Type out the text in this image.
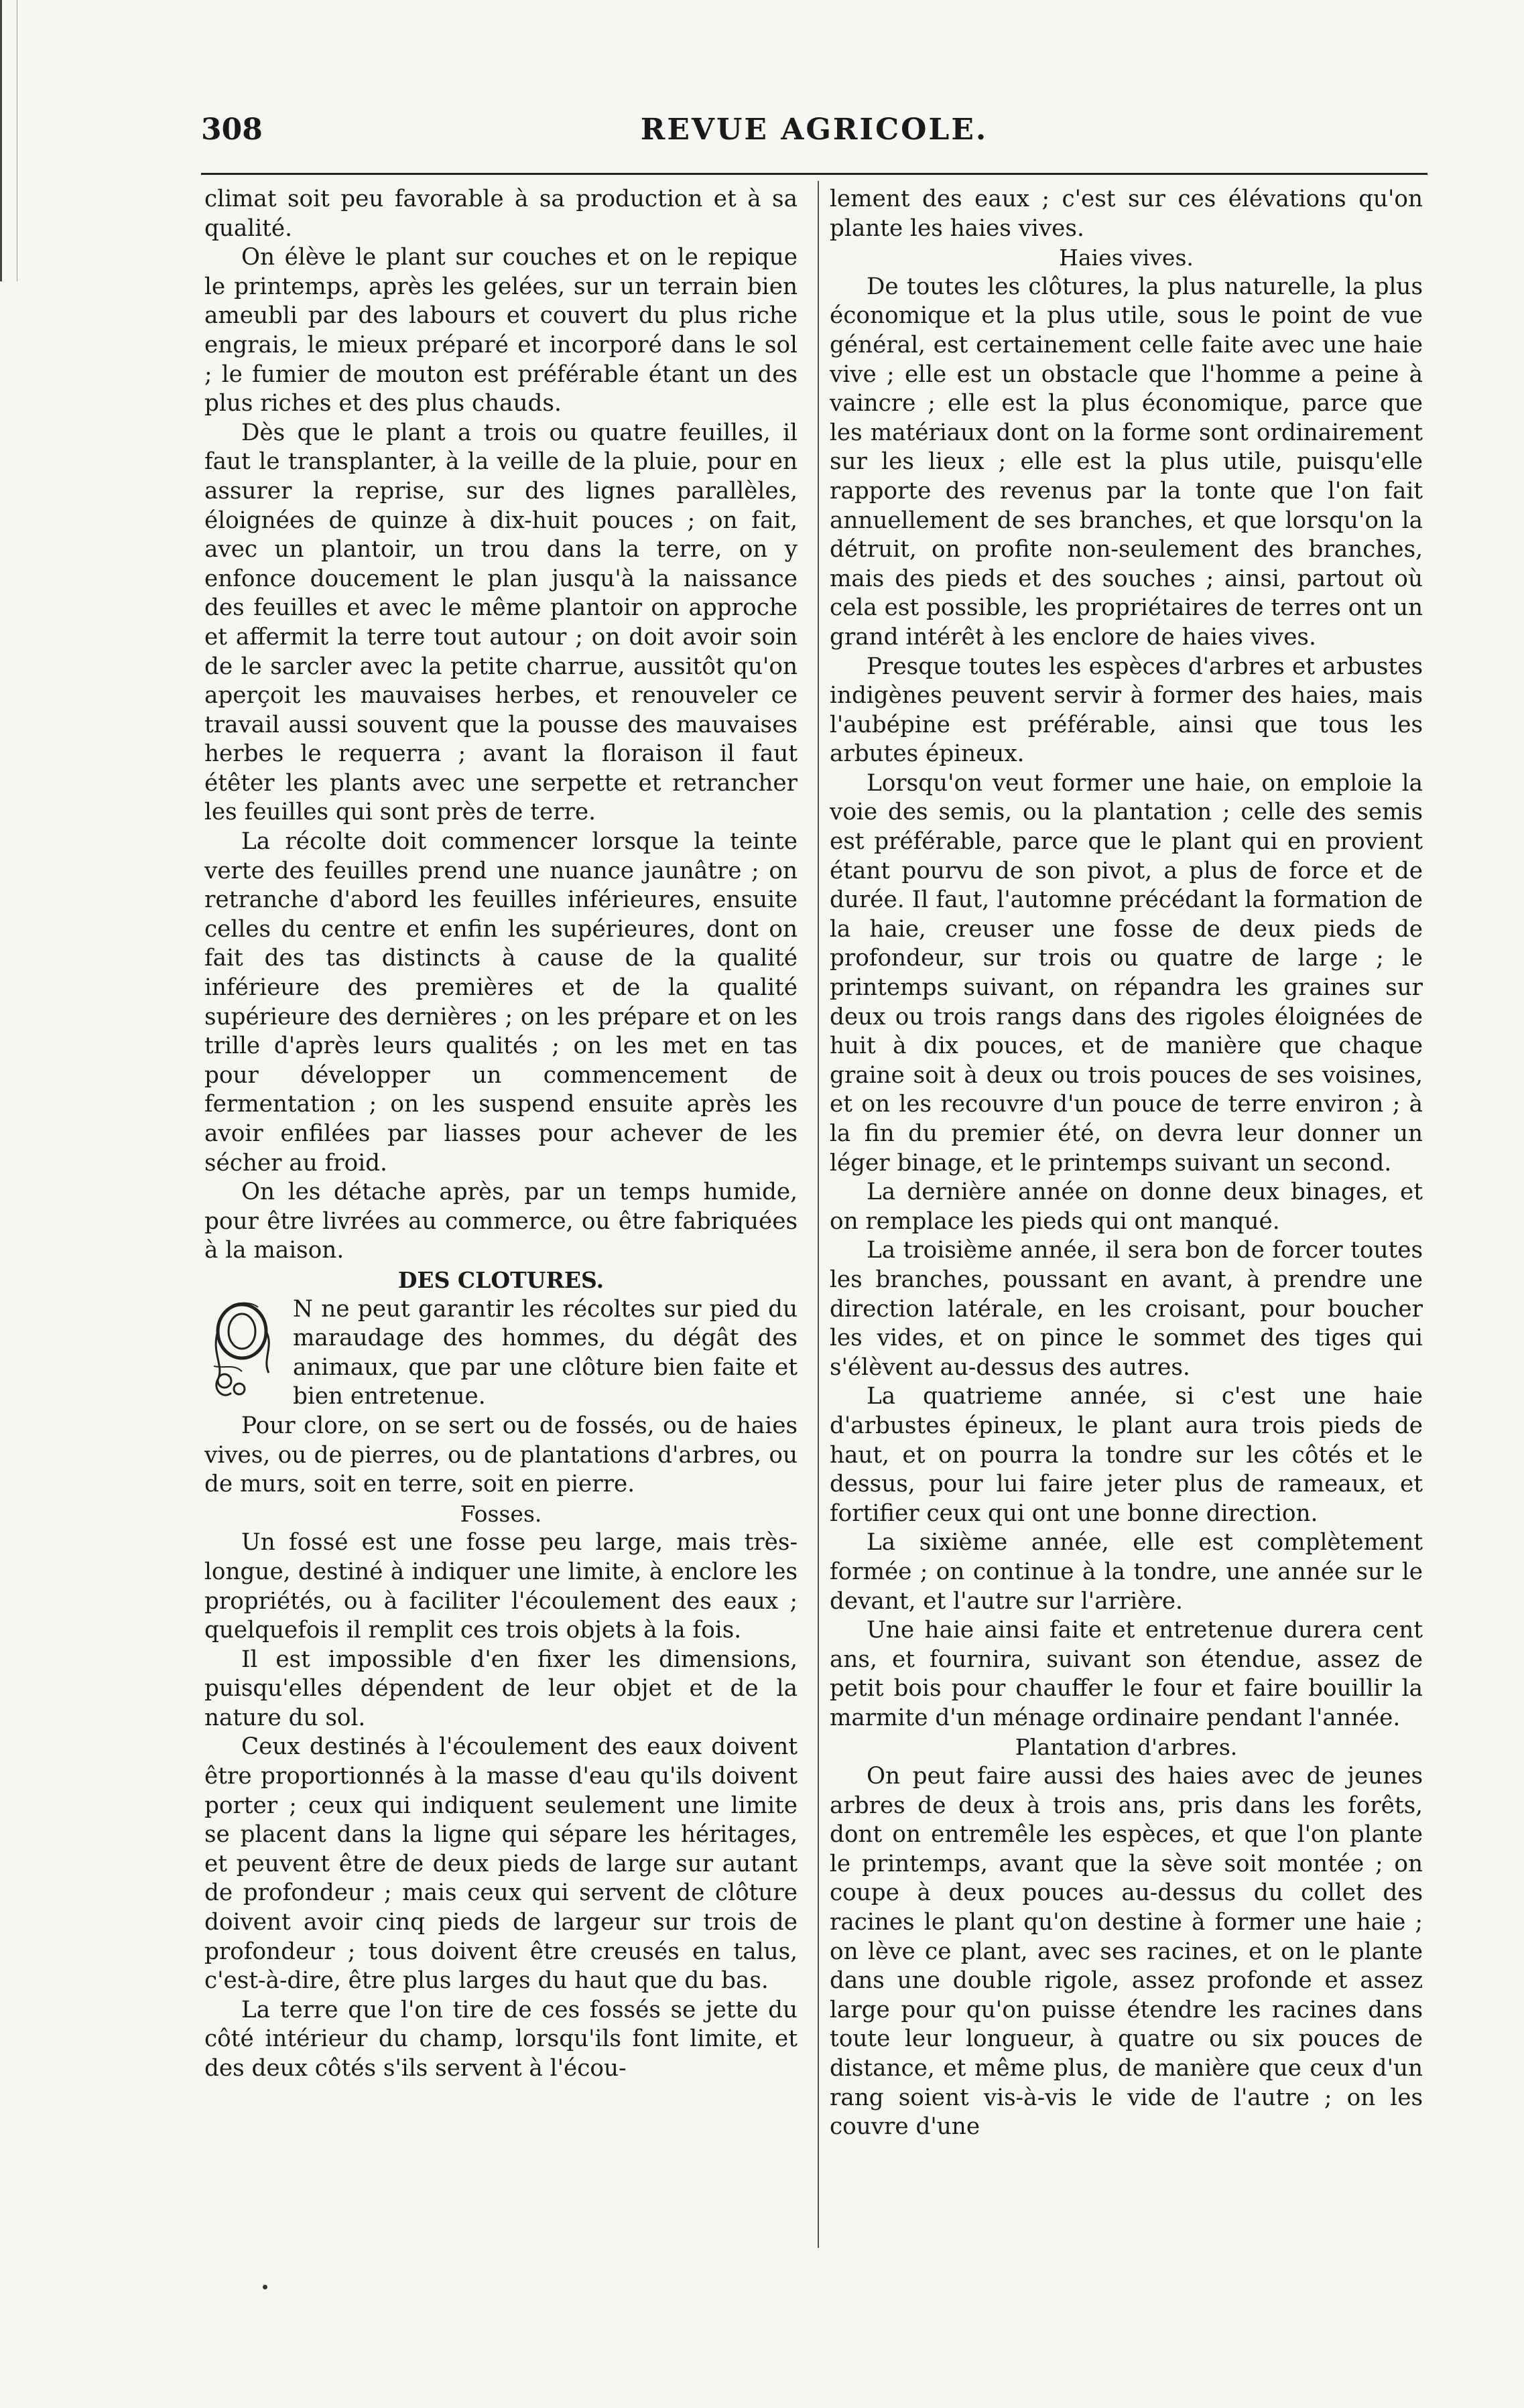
308	REVUE AGRICOLE.

climat soit peu favorable à sa production et à sa qualité.

On élève le plant sur couches et on le repique le printemps, après les gelées, sur un terrain bien ameubli par des labours et couvert du plus riche engrais, le mieux préparé et incorporé dans le sol ; le fumier de mouton est préférable étant un des plus riches et des plus chauds.

Dès que le plant a trois ou quatre feuilles, il faut le transplanter, à la veille de la pluie, pour en assurer la reprise, sur des lignes parallèles, éloignées de quinze à dix-huit pouces ; on fait, avec un plantoir, un trou dans la terre, on y enfonce doucement le plan jusqu'à la naissance des feuilles et avec le même plantoir on approche et affermit la terre tout autour ; on doit avoir soin de le sarcler avec la petite charrue, aussitôt qu'on aperçoit les mauvaises herbes, et renouveler ce travail aussi souvent que la pousse des mauvaises herbes le requerra ; avant la floraison il faut étêter les plants avec une serpette et retrancher les feuilles qui sont près de terre.

La récolte doit commencer lorsque la teinte verte des feuilles prend une nuance jaunâtre ; on retranche d'abord les feuilles inférieures, ensuite celles du centre et enfin les supérieures, dont on fait des tas distincts à cause de la qualité inférieure des premières et de la qualité supérieure des dernières ; on les prépare et on les trille d'après leurs qualités ; on les met en tas pour développer un commencement de fermentation ; on les suspend ensuite après les avoir enfilées par liasses pour achever de les sécher au froid.

On les détache après, par un temps humide, pour être livrées au commerce, ou être fabriquées à la maison.

DES CLOTURES.

N ne peut garantir les récoltes sur pied du maraudage des hommes, du dégât des animaux, que par une clôture bien faite et bien entretenue.

Pour clore, on se sert ou de fossés, ou de haies vives, ou de pierres, ou de plantations d'arbres, ou de murs, soit en terre, soit en pierre.

Fosses.

Un fossé est une fosse peu large, mais très-longue, destiné à indiquer une limite, à enclore les propriétés, ou à faciliter l'écoulement des eaux ; quelquefois il remplit ces trois objets à la fois.

Il est impossible d'en fixer les dimensions, puisqu'elles dépendent de leur objet et de la nature du sol.

Ceux destinés à l'écoulement des eaux doivent être proportionnés à la masse d'eau qu'ils doivent porter ; ceux qui indiquent seulement une limite se placent dans la ligne qui sépare les héritages, et peuvent être de deux pieds de large sur autant de profondeur ; mais ceux qui servent de clôture doivent avoir cinq pieds de largeur sur trois de profondeur ; tous doivent être creusés en talus, c'est-à-dire, être plus larges du haut que du bas.

La terre que l'on tire de ces fossés se jette du côté intérieur du champ, lorsqu'ils font limite, et des deux côtés s'ils servent à l'écou-

lement des eaux ; c'est sur ces élévations qu'on plante les haies vives.

Haies vives.

De toutes les clôtures, la plus naturelle, la plus économique et la plus utile, sous le point de vue général, est certainement celle faite avec une haie vive ; elle est un obstacle que l'homme a peine à vaincre ; elle est la plus économique, parce que les matériaux dont on la forme sont ordinairement sur les lieux ; elle est la plus utile, puisqu'elle rapporte des revenus par la tonte que l'on fait annuellement de ses branches, et que lorsqu'on la détruit, on profite non-seulement des branches, mais des pieds et des souches ; ainsi, partout où cela est possible, les propriétaires de terres ont un grand intérêt à les enclore de haies vives.

Presque toutes les espèces d'arbres et arbustes indigènes peuvent servir à former des haies, mais l'aubépine est préférable, ainsi que tous les arbutes épineux.

Lorsqu'on veut former une haie, on emploie la voie des semis, ou la plantation ; celle des semis est préférable, parce que le plant qui en provient étant pourvu de son pivot, a plus de force et de durée. Il faut, l'automne précédant la formation de la haie, creuser une fosse de deux pieds de profondeur, sur trois ou quatre de large ; le printemps suivant, on répandra les graines sur deux ou trois rangs dans des rigoles éloignées de huit à dix pouces, et de manière que chaque graine soit à deux ou trois pouces de ses voisines, et on les recouvre d'un pouce de terre environ ; à la fin du premier été, on devra leur donner un léger binage, et le printemps suivant un second.

La dernière année on donne deux binages, et on remplace les pieds qui ont manqué.

La troisième année, il sera bon de forcer toutes les branches, poussant en avant, à prendre une direction latérale, en les croisant, pour boucher les vides, et on pince le sommet des tiges qui s'élèvent au-dessus des autres.

La quatrieme année, si c'est une haie d'arbustes épineux, le plant aura trois pieds de haut, et on pourra la tondre sur les côtés et le dessus, pour lui faire jeter plus de rameaux, et fortifier ceux qui ont une bonne direction.

La sixième année, elle est complètement formée ; on continue à la tondre, une année sur le devant, et l'autre sur l'arrière.

Une haie ainsi faite et entretenue durera cent ans, et fournira, suivant son étendue, assez de petit bois pour chauffer le four et faire bouillir la marmite d'un ménage ordinaire pendant l'année.

Plantation d'arbres.

On peut faire aussi des haies avec de jeunes arbres de deux à trois ans, pris dans les forêts, dont on entremêle les espèces, et que l'on plante le printemps, avant que la sève soit montée ; on coupe à deux pouces au-dessus du collet des racines le plant qu'on destine à former une haie ; on lève ce plant, avec ses racines, et on le plante dans une double rigole, assez profonde et assez large pour qu'on puisse étendre les racines dans toute leur longueur, à quatre ou six pouces de distance, et même plus, de manière que ceux d'un rang soient vis-à-vis le vide de l'autre ; on les couvre d'une
